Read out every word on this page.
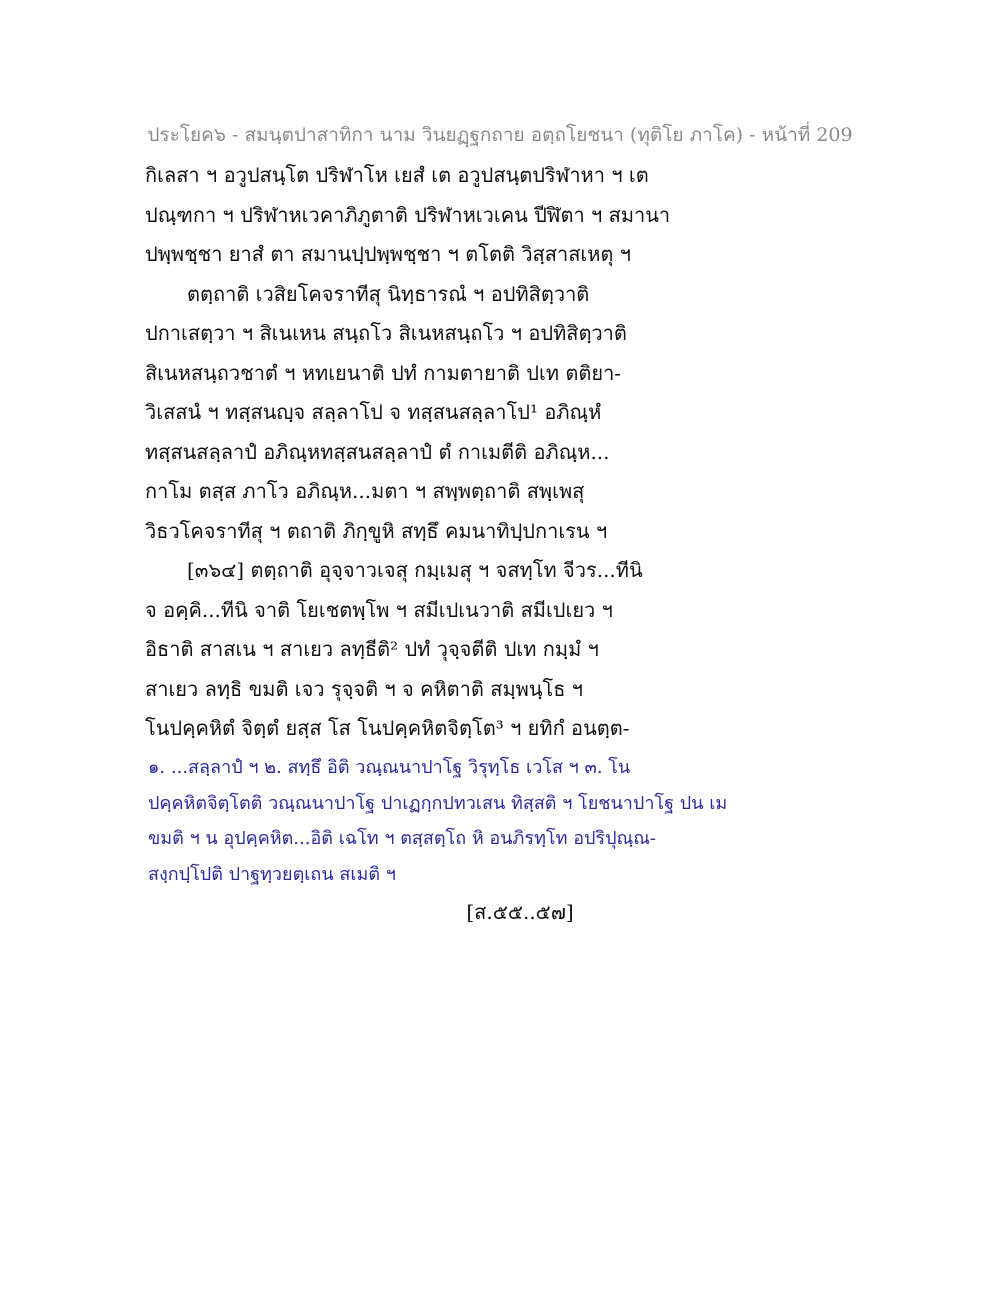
ประโยค๖ - สมนฺตปาสาทิกา นาม วินยฏฺฐกถาย อตฺถโยชนา (ทุติโย ภาโค) - หน้าที่ 209
กิเลสา ฯ อวูปสนฺโต ปริฬาโห เยสํ เต อวูปสนฺตปริฬาหา ฯ เต
ปณฺฑกา ฯ ปริฬาหเวคาภิภูตาติ ปริฬาหเวเคน ปีฬิตา ฯ สมานา
ปพฺพชฺชา ยาสํ ตา สมานปฺปพฺพชฺชา ฯ ตโตติ วิสฺสาสเหตุ ฯ
ตตฺถาติ เวสิยโคจราทีสุ นิทฺธารณํ ฯ อปทิสิตฺวาติ
ปกาเสตฺวา ฯ สิเนเหน สนฺถโว สิเนหสนฺถโว ฯ อปทิสิตฺวาติ
สิเนหสนฺถวชาตํ ฯ หทเยนาติ ปทํ กามตายาติ ปเท ตติยา-
วิเสสนํ ฯ ทสฺสนญฺจ สลฺลาโป จ ทสฺสนสลฺลาโป¹ อภิณฺหํ
ทสฺสนสลฺลาปํ อภิณฺหทสฺสนสลฺลาปํ ตํ กาเมตีติ อภิณฺห...
กาโม ตสฺส ภาโว อภิณฺห...มตา ฯ สพฺพตฺถาติ สพฺเพสุ
วิธวโคจราทีสุ ฯ ตถาติ ภิกฺขูหิ สทฺธึ คมนาทิปฺปกาเรน ฯ
[๓๖๔] ตตฺถาติ อุจฺจาวเจสุ กมฺเมสุ ฯ จสทฺโท จีวร...ทีนิ
จ อคฺคิ...ทีนิ จาติ โยเชตพฺโพ ฯ สมีเปเนวาติ สมีเปเยว ฯ
อิธาติ สาสเน ฯ สาเยว ลทฺธีติ² ปทํ วุจฺจตีติ ปเท กมฺมํ ฯ
สาเยว ลทฺธิ ขมติ เจว รุจฺจติ ฯ จ คหิตาติ สมฺพนฺโธ ฯ
โนปคฺคหิตํ จิตฺตํ ยสฺส โส โนปคฺคหิตจิตฺโต³ ฯ ยทิกํ อนตฺต-
๑. ...สลฺลาปํ ฯ ๒. สทฺธึ อิติ วณฺณนาปาโฐ วิรุทฺโธ เวโส ฯ ๓. โน
ปคฺคหิตจิตฺโตติ วณฺณนาปาโฐ ปาเฏกฺกปทวเสน ทิสฺสติ ฯ โยชนาปาโฐ ปน เม
ขมติ ฯ น อุปคฺคหิต...อิติ เฉโท ฯ ตสฺสตฺโถ หิ อนภิรทฺโท อปริปุณฺณ-
สงฺกปฺโปติ ปาฐทฺวยตฺเถน สเมติ ฯ
[ส.๕๕..๕๗]
